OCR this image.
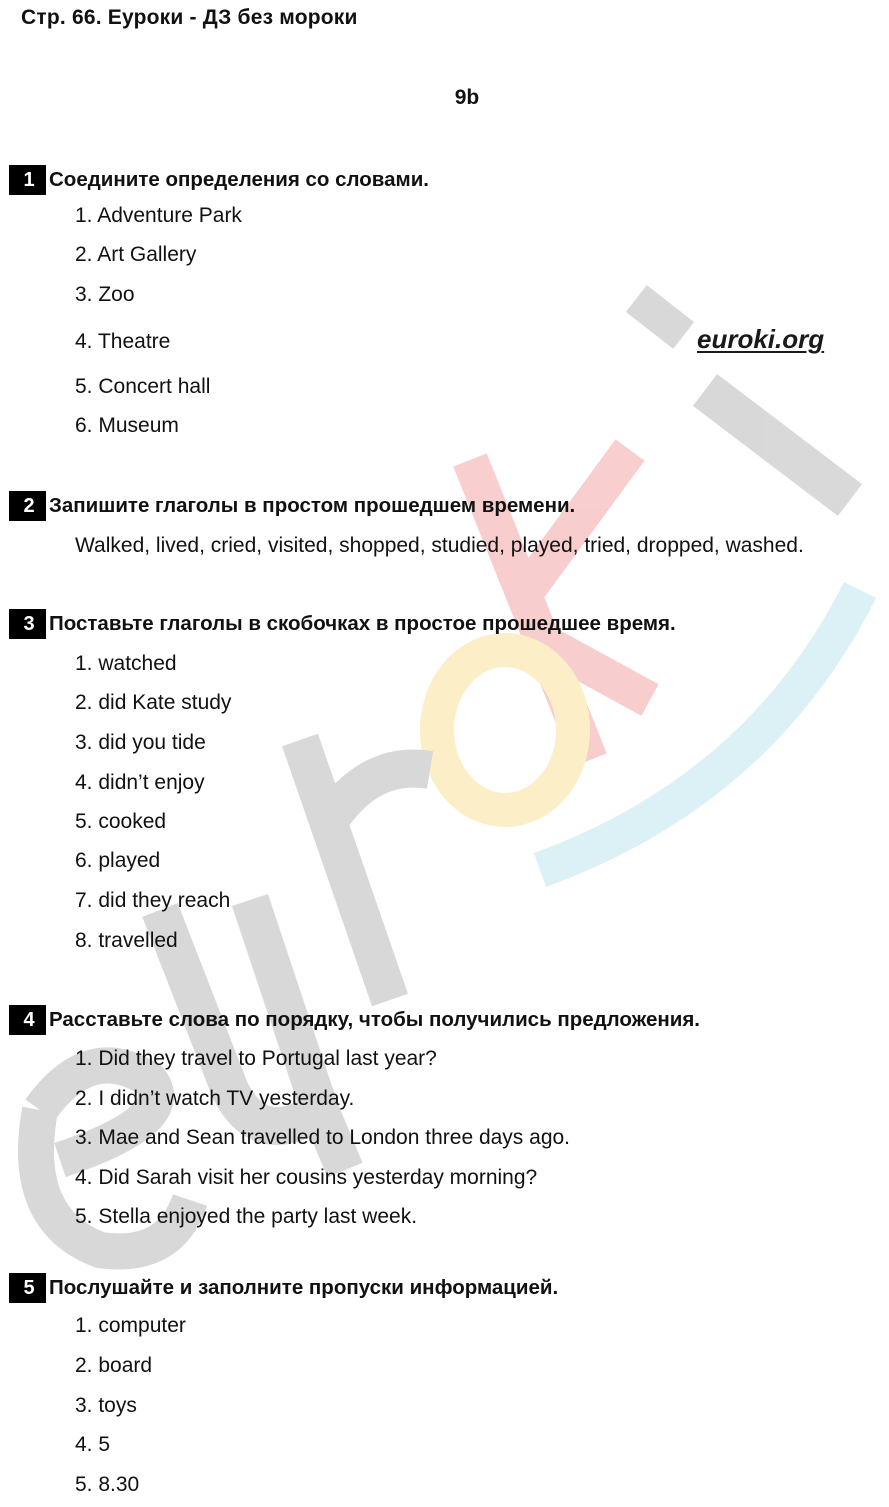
Стр. 66. Еуроки - ДЗ без мороки
9b
euroki.org
1 Соедините определения со словами.
1. Adventure Park
2. Art Gallery
3. Zoo
4. Theatre
5. Concert hall
6. Museum
2 Запишите глаголы в простом прошедшем времени.
Walked, lived, cried, visited, shopped, studied, played, tried, dropped, washed.
3 Поставьте глаголы в скобочках в простое прошедшее время.
1. watched
2. did Kate study
3. did you tide
4. didn’t enjoy
5. cooked
6. played
7. did they reach
8. travelled
4 Расставьте слова по порядку, чтобы получились предложения.
1. Did they travel to Portugal last year?
2. I didn’t watch TV yesterday.
3. Mae and Sean travelled to London three days ago.
4. Did Sarah visit her cousins yesterday morning?
5. Stella enjoyed the party last week.
5 Послушайте и заполните пропуски информацией.
1. computer
2. board
3. toys
4. 5
5. 8.30
